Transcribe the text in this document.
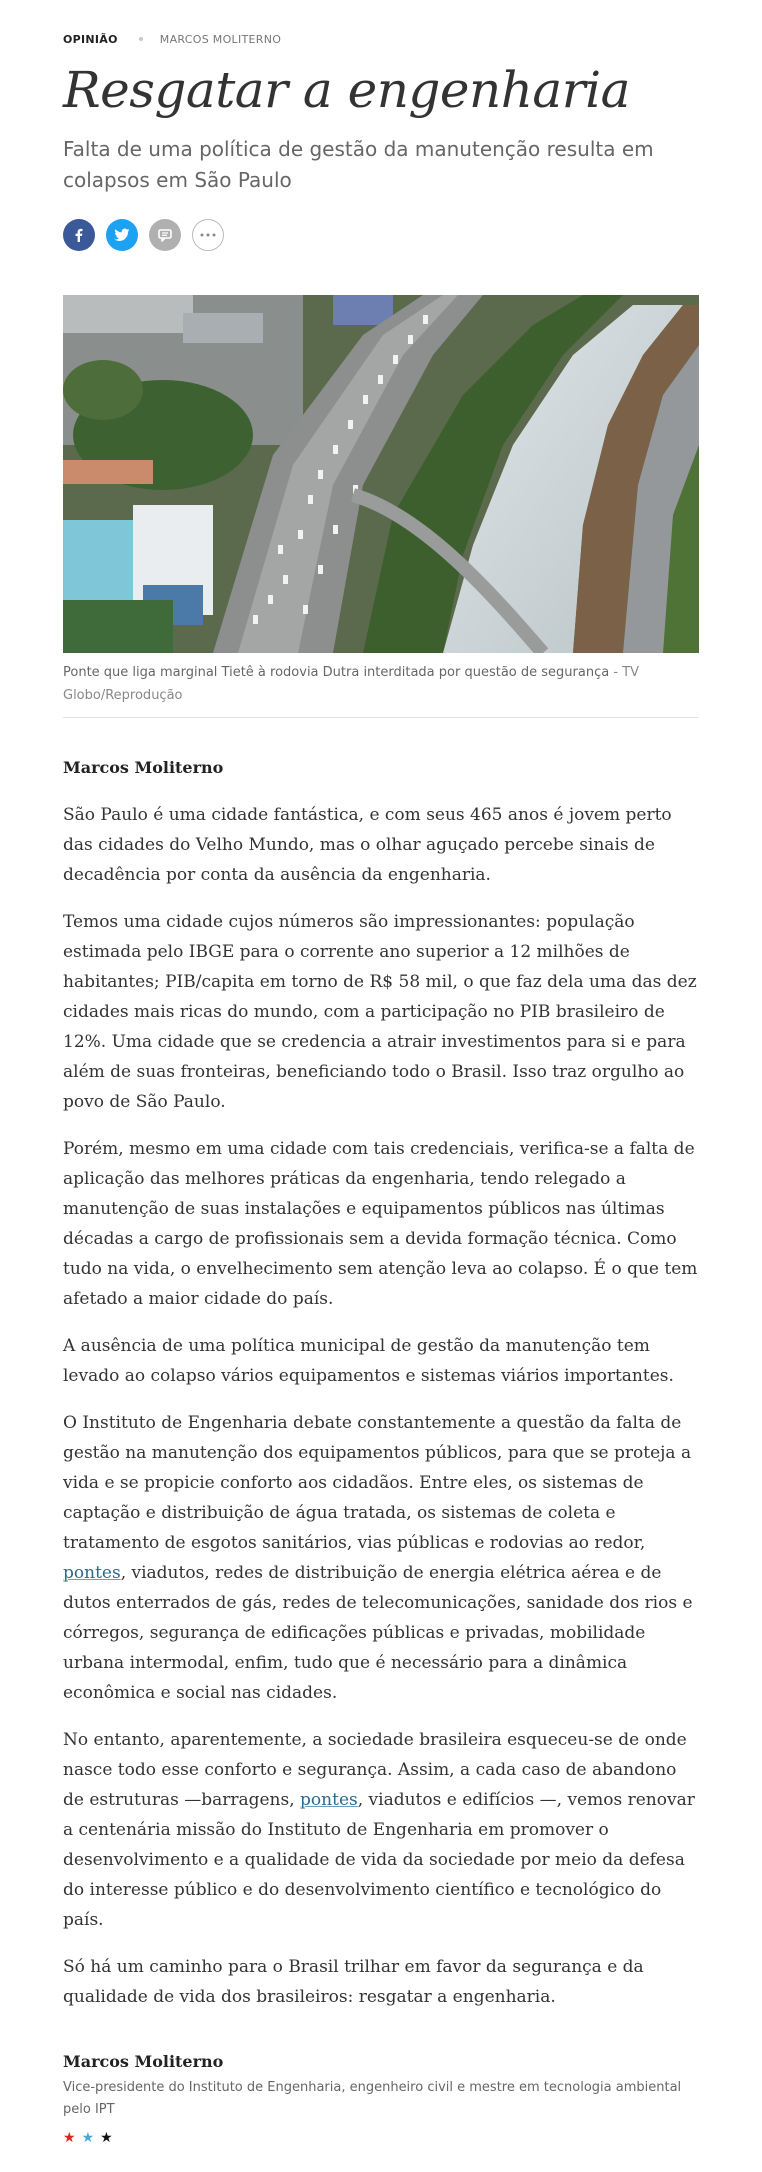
OPINIÃO	MARCOS MOLITERNO
Resgatar a engenharia
Falta de uma política de gestão da manutenção resulta em colapsos em São Paulo
Ponte que liga marginal Tietê à rodovia Dutra interditada por questão de segurança - TV Globo/Reprodução
Marcos Moliterno

São Paulo é uma cidade fantástica, e com seus 465 anos é jovem perto das cidades do Velho Mundo, mas o olhar aguçado percebe sinais de decadência por conta da ausência da engenharia.

Temos uma cidade cujos números são impressionantes: população estimada pelo IBGE para o corrente ano superior a 12 milhões de habitantes; PIB/capita em torno de R$ 58 mil, o que faz dela uma das dez cidades mais ricas do mundo, com a participação no PIB brasileiro de 12%. Uma cidade que se credencia a atrair investimentos para si e para além de suas fronteiras, beneficiando todo o Brasil. Isso traz orgulho ao povo de São Paulo.

Porém, mesmo em uma cidade com tais credenciais, verifica-se a falta de aplicação das melhores práticas da engenharia, tendo relegado a manutenção de suas instalações e equipamentos públicos nas últimas décadas a cargo de profissionais sem a devida formação técnica. Como tudo na vida, o envelhecimento sem atenção leva ao colapso. É o que tem afetado a maior cidade do país.

A ausência de uma política municipal de gestão da manutenção tem levado ao colapso vários equipamentos e sistemas viários importantes.

O Instituto de Engenharia debate constantemente a questão da falta de gestão na manutenção dos equipamentos públicos, para que se proteja a vida e se propicie conforto aos cidadãos. Entre eles, os sistemas de captação e distribuição de água tratada, os sistemas de coleta e tratamento de esgotos sanitários, vias públicas e rodovias ao redor, pontes, viadutos, redes de distribuição de energia elétrica aérea e de dutos enterrados de gás, redes de telecomunicações, sanidade dos rios e córregos, segurança de edificações públicas e privadas, mobilidade urbana intermodal, enfim, tudo que é necessário para a dinâmica econômica e social nas cidades.

No entanto, aparentemente, a sociedade brasileira esqueceu-se de onde nasce todo esse conforto e segurança. Assim, a cada caso de abandono de estruturas —barragens, pontes, viadutos e edifícios —, vemos renovar a centenária missão do Instituto de Engenharia em promover o desenvolvimento e a qualidade de vida da sociedade por meio da defesa do interesse público e do desenvolvimento científico e tecnológico do país.

Só há um caminho para o Brasil trilhar em favor da segurança e da qualidade de vida dos brasileiros: resgatar a engenharia.

Marcos Moliterno
Vice-presidente do Instituto de Engenharia, engenheiro civil e mestre em tecnologia ambiental pelo IPT
★ ★ ★
